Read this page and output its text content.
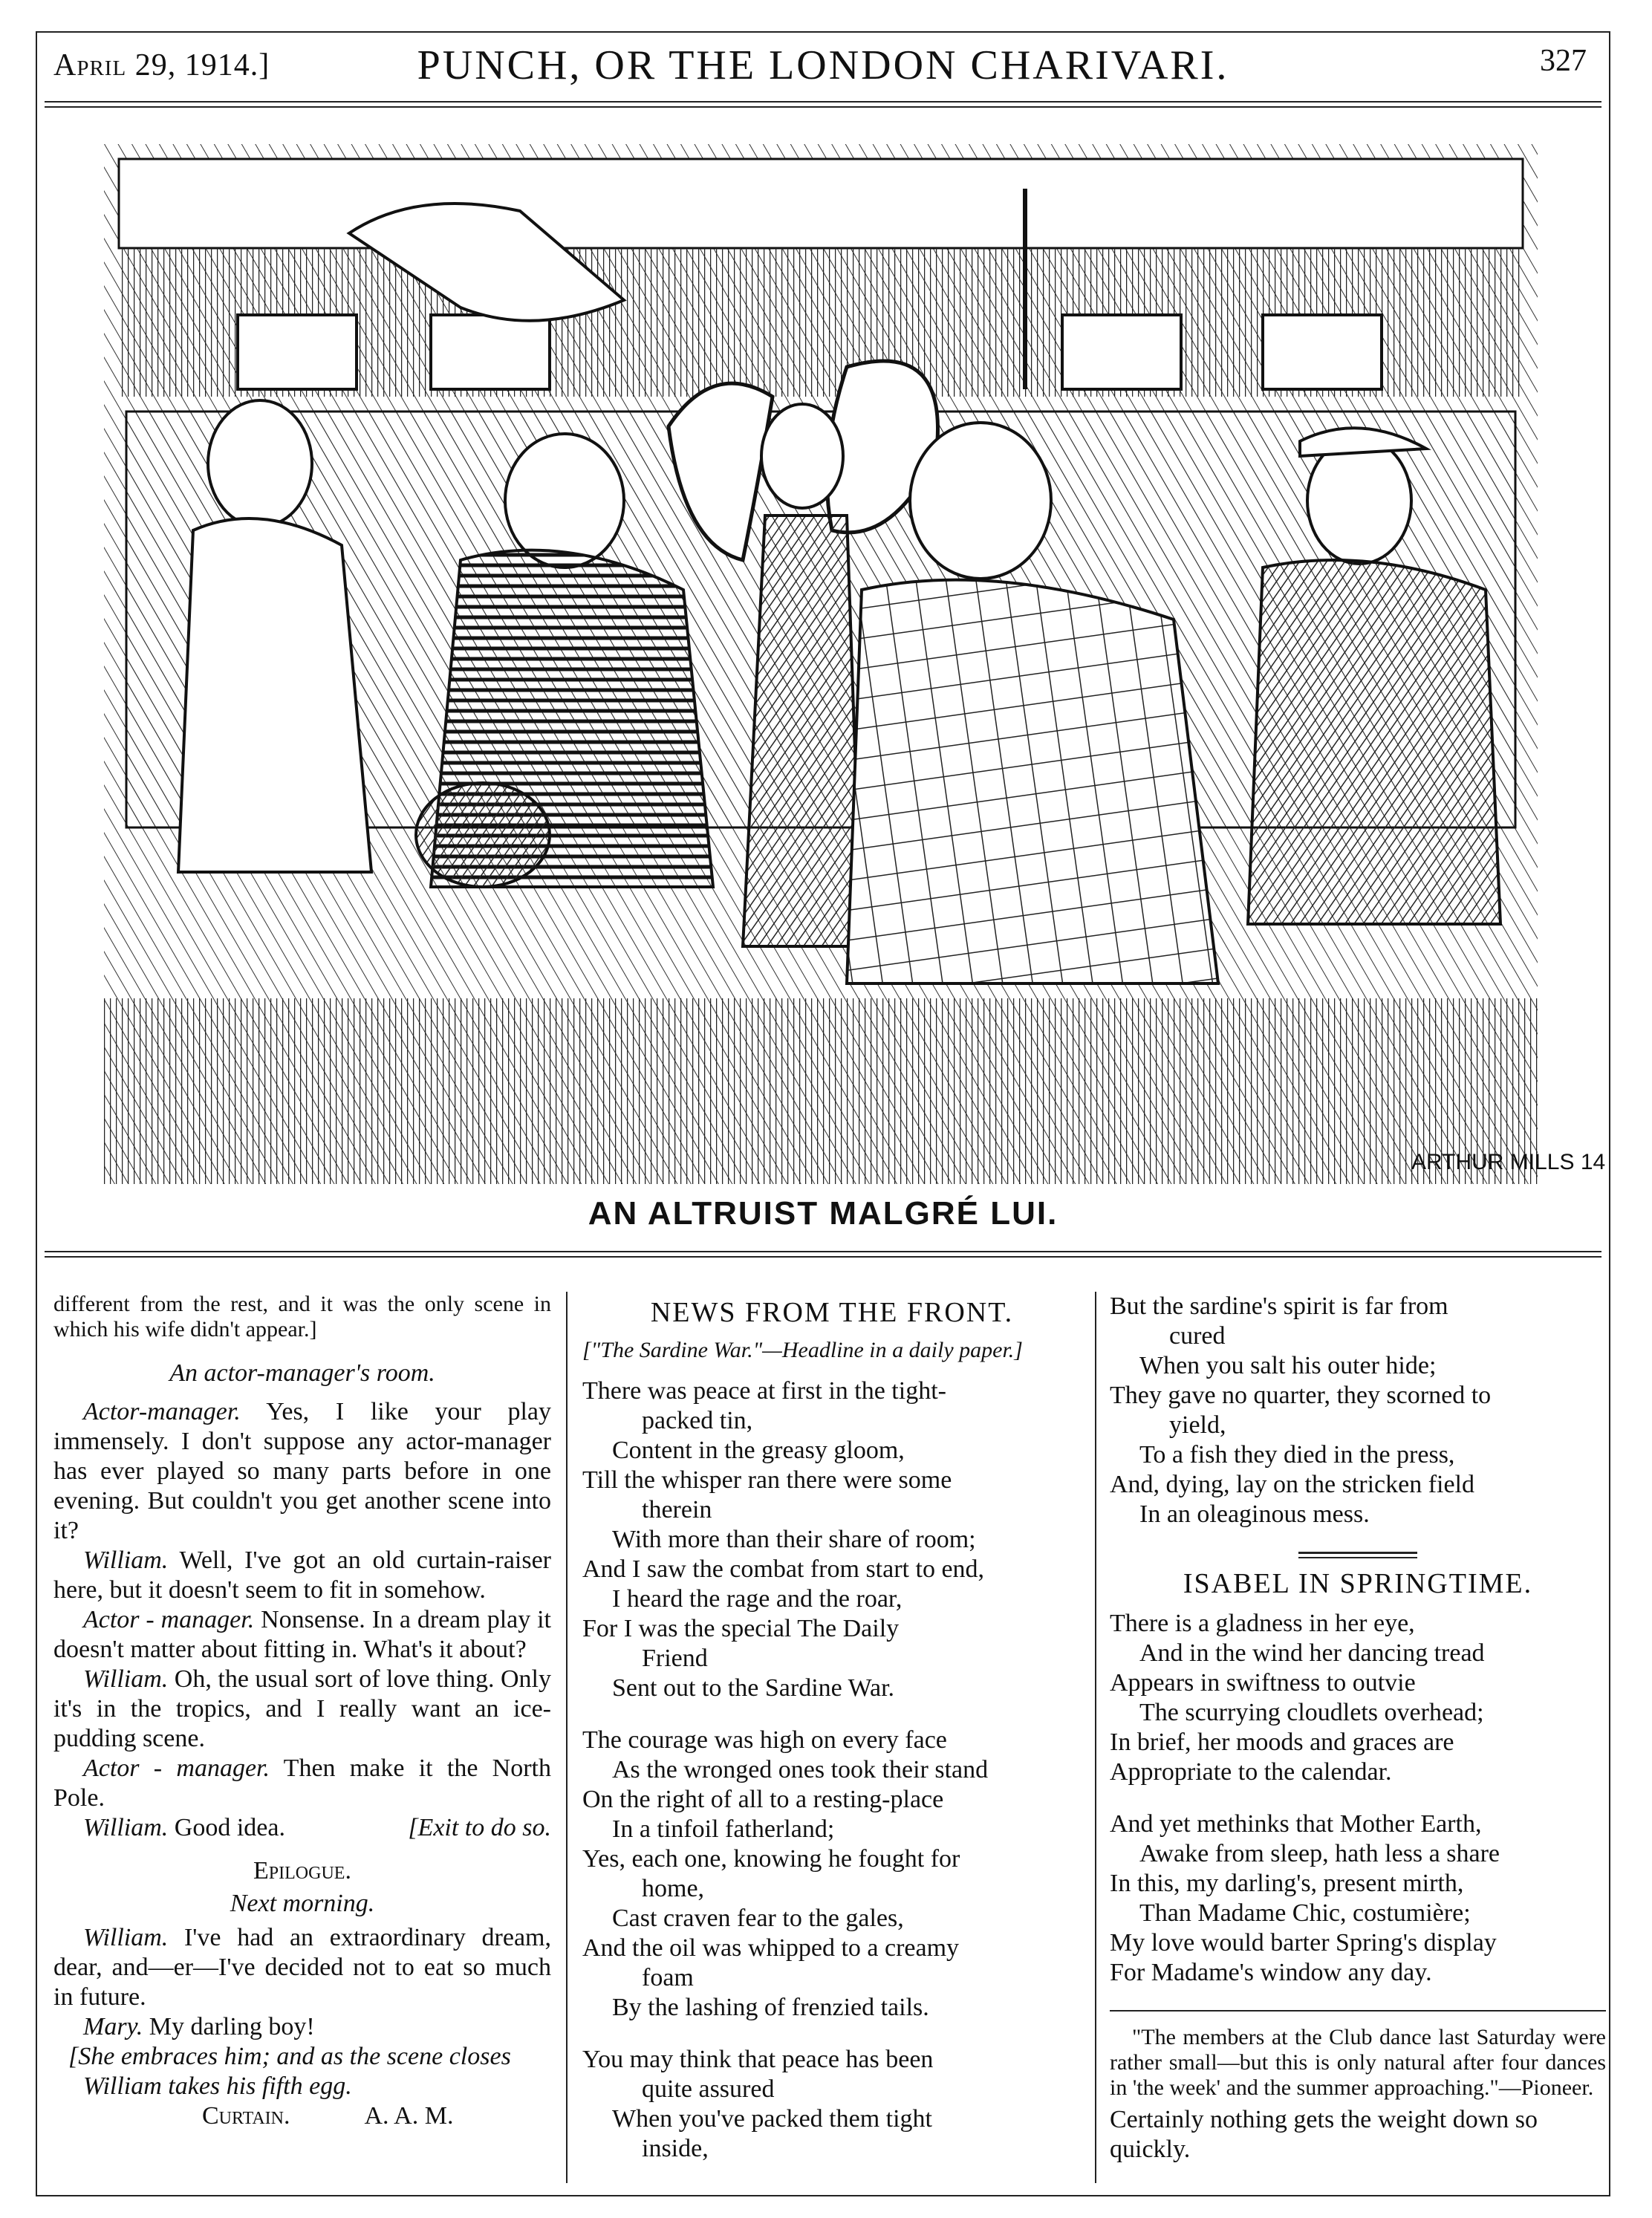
April 29, 1914.]	PUNCH, OR THE LONDON CHARIVARI.	327
ARTHUR MILLS 14
AN ALTRUIST MALGRÉ LUI.

different from the rest, and it was the only scene in which his wife didn't appear.]

An actor-manager's room.

Actor-manager. Yes, I like your play immensely. I don't suppose any actor-manager has ever played so many parts before in one evening. But couldn't you get another scene into it?

William. Well, I've got an old curtain-raiser here, but it doesn't seem to fit in somehow.

Actor - manager. Nonsense. In a dream play it doesn't matter about fitting in. What's it about?

William. Oh, the usual sort of love thing. Only it's in the tropics, and I really want an ice-pudding scene.

Actor - manager. Then make it the North Pole.

William. Good idea.	[Exit to do so.

Epilogue.

Next morning.

William. I've had an extraordinary dream, dear, and—er—I've decided not to eat so much in future.

Mary. My darling boy!

[She embraces him; and as the scene closes William takes his fifth egg.

Curtain.	A. A. M.

NEWS FROM THE FRONT.

["The Sardine War."—Headline in a daily paper.]

There was peace at first in the tight-

packed tin,

Content in the greasy gloom,

Till the whisper ran there were some

therein

With more than their share of room;

And I saw the combat from start to end,

I heard the rage and the roar,

For I was the special The Daily

Friend

Sent out to the Sardine War.

The courage was high on every face

As the wronged ones took their stand

On the right of all to a resting-place

In a tinfoil fatherland;

Yes, each one, knowing he fought for

home,

Cast craven fear to the gales,

And the oil was whipped to a creamy

foam

By the lashing of frenzied tails.

You may think that peace has been

quite assured

When you've packed them tight

inside,

But the sardine's spirit is far from

cured

When you salt his outer hide;

They gave no quarter, they scorned to

yield,

To a fish they died in the press,

And, dying, lay on the stricken field

In an oleaginous mess.

ISABEL IN SPRINGTIME.

There is a gladness in her eye,

And in the wind her dancing tread

Appears in swiftness to outvie

The scurrying cloudlets overhead;

In brief, her moods and graces are

Appropriate to the calendar.

And yet methinks that Mother Earth,

Awake from sleep, hath less a share

In this, my darling's, present mirth,

Than Madame Chic, costumière;

My love would barter Spring's display

For Madame's window any day.

"The members at the Club dance last Saturday were rather small—but this is only natural after four dances in 'the week' and the summer approaching."—Pioneer.

Certainly nothing gets the weight down so quickly.
